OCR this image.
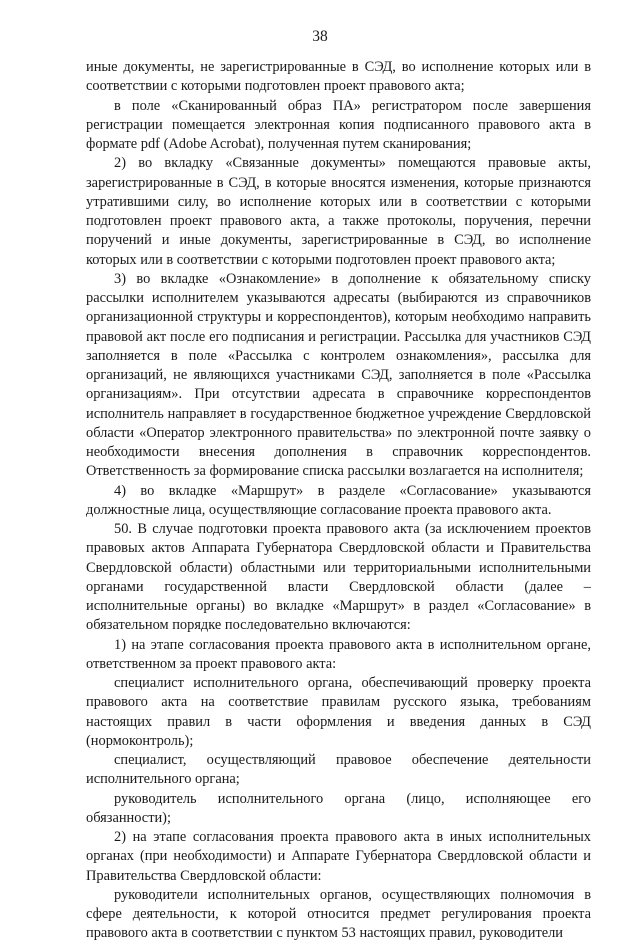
38

иные документы, не зарегистрированные в СЭД, во исполнение которых или в соответствии с которыми подготовлен проект правового акта;

в поле «Сканированный образ ПА» регистратором после завершения регистрации помещается электронная копия подписанного правового акта в формате pdf (Adobe Acrobat), полученная путем сканирования;

2) во вкладку «Связанные документы» помещаются правовые акты, зарегистрированные в СЭД, в которые вносятся изменения, которые признаются утратившими силу, во исполнение которых или в соответствии с которыми подготовлен проект правового акта, а также протоколы, поручения, перечни поручений и иные документы, зарегистрированные в СЭД, во исполнение которых или в соответствии с которыми подготовлен проект правового акта;

3) во вкладке «Ознакомление» в дополнение к обязательному списку рассылки исполнителем указываются адресаты (выбираются из справочников организационной структуры и корреспондентов), которым необходимо направить правовой акт после его подписания и регистрации. Рассылка для участников СЭД заполняется в поле «Рассылка с контролем ознакомления», рассылка для организаций, не являющихся участниками СЭД, заполняется в поле «Рассылка организациям». При отсутствии адресата в справочнике корреспондентов исполнитель направляет в государственное бюджетное учреждение Свердловской области «Оператор электронного правительства» по электронной почте заявку о необходимости внесения дополнения в справочник корреспондентов. Ответственность за формирование списка рассылки возлагается на исполнителя;

4) во вкладке «Маршрут» в разделе «Согласование» указываются должностные лица, осуществляющие согласование проекта правового акта.

50. В случае подготовки проекта правового акта (за исключением проектов правовых актов Аппарата Губернатора Свердловской области и Правительства Свердловской области) областными или территориальными исполнительными органами государственной власти Свердловской области (далее – исполнительные органы) во вкладке «Маршрут» в раздел «Согласование» в обязательном порядке последовательно включаются:

1) на этапе согласования проекта правового акта в исполнительном органе, ответственном за проект правового акта:

специалист исполнительного органа, обеспечивающий проверку проекта правового акта на соответствие правилам русского языка, требованиям настоящих правил в части оформления и введения данных в СЭД (нормоконтроль);

специалист, осуществляющий правовое обеспечение деятельности исполнительного органа;

руководитель исполнительного органа (лицо, исполняющее его обязанности);

2) на этапе согласования проекта правового акта в иных исполнительных органах (при необходимости) и Аппарате Губернатора Свердловской области и Правительства Свердловской области:

руководители исполнительных органов, осуществляющих полномочия в сфере деятельности, к которой относится предмет регулирования проекта правового акта в соответствии с пунктом 53 настоящих правил, руководители
